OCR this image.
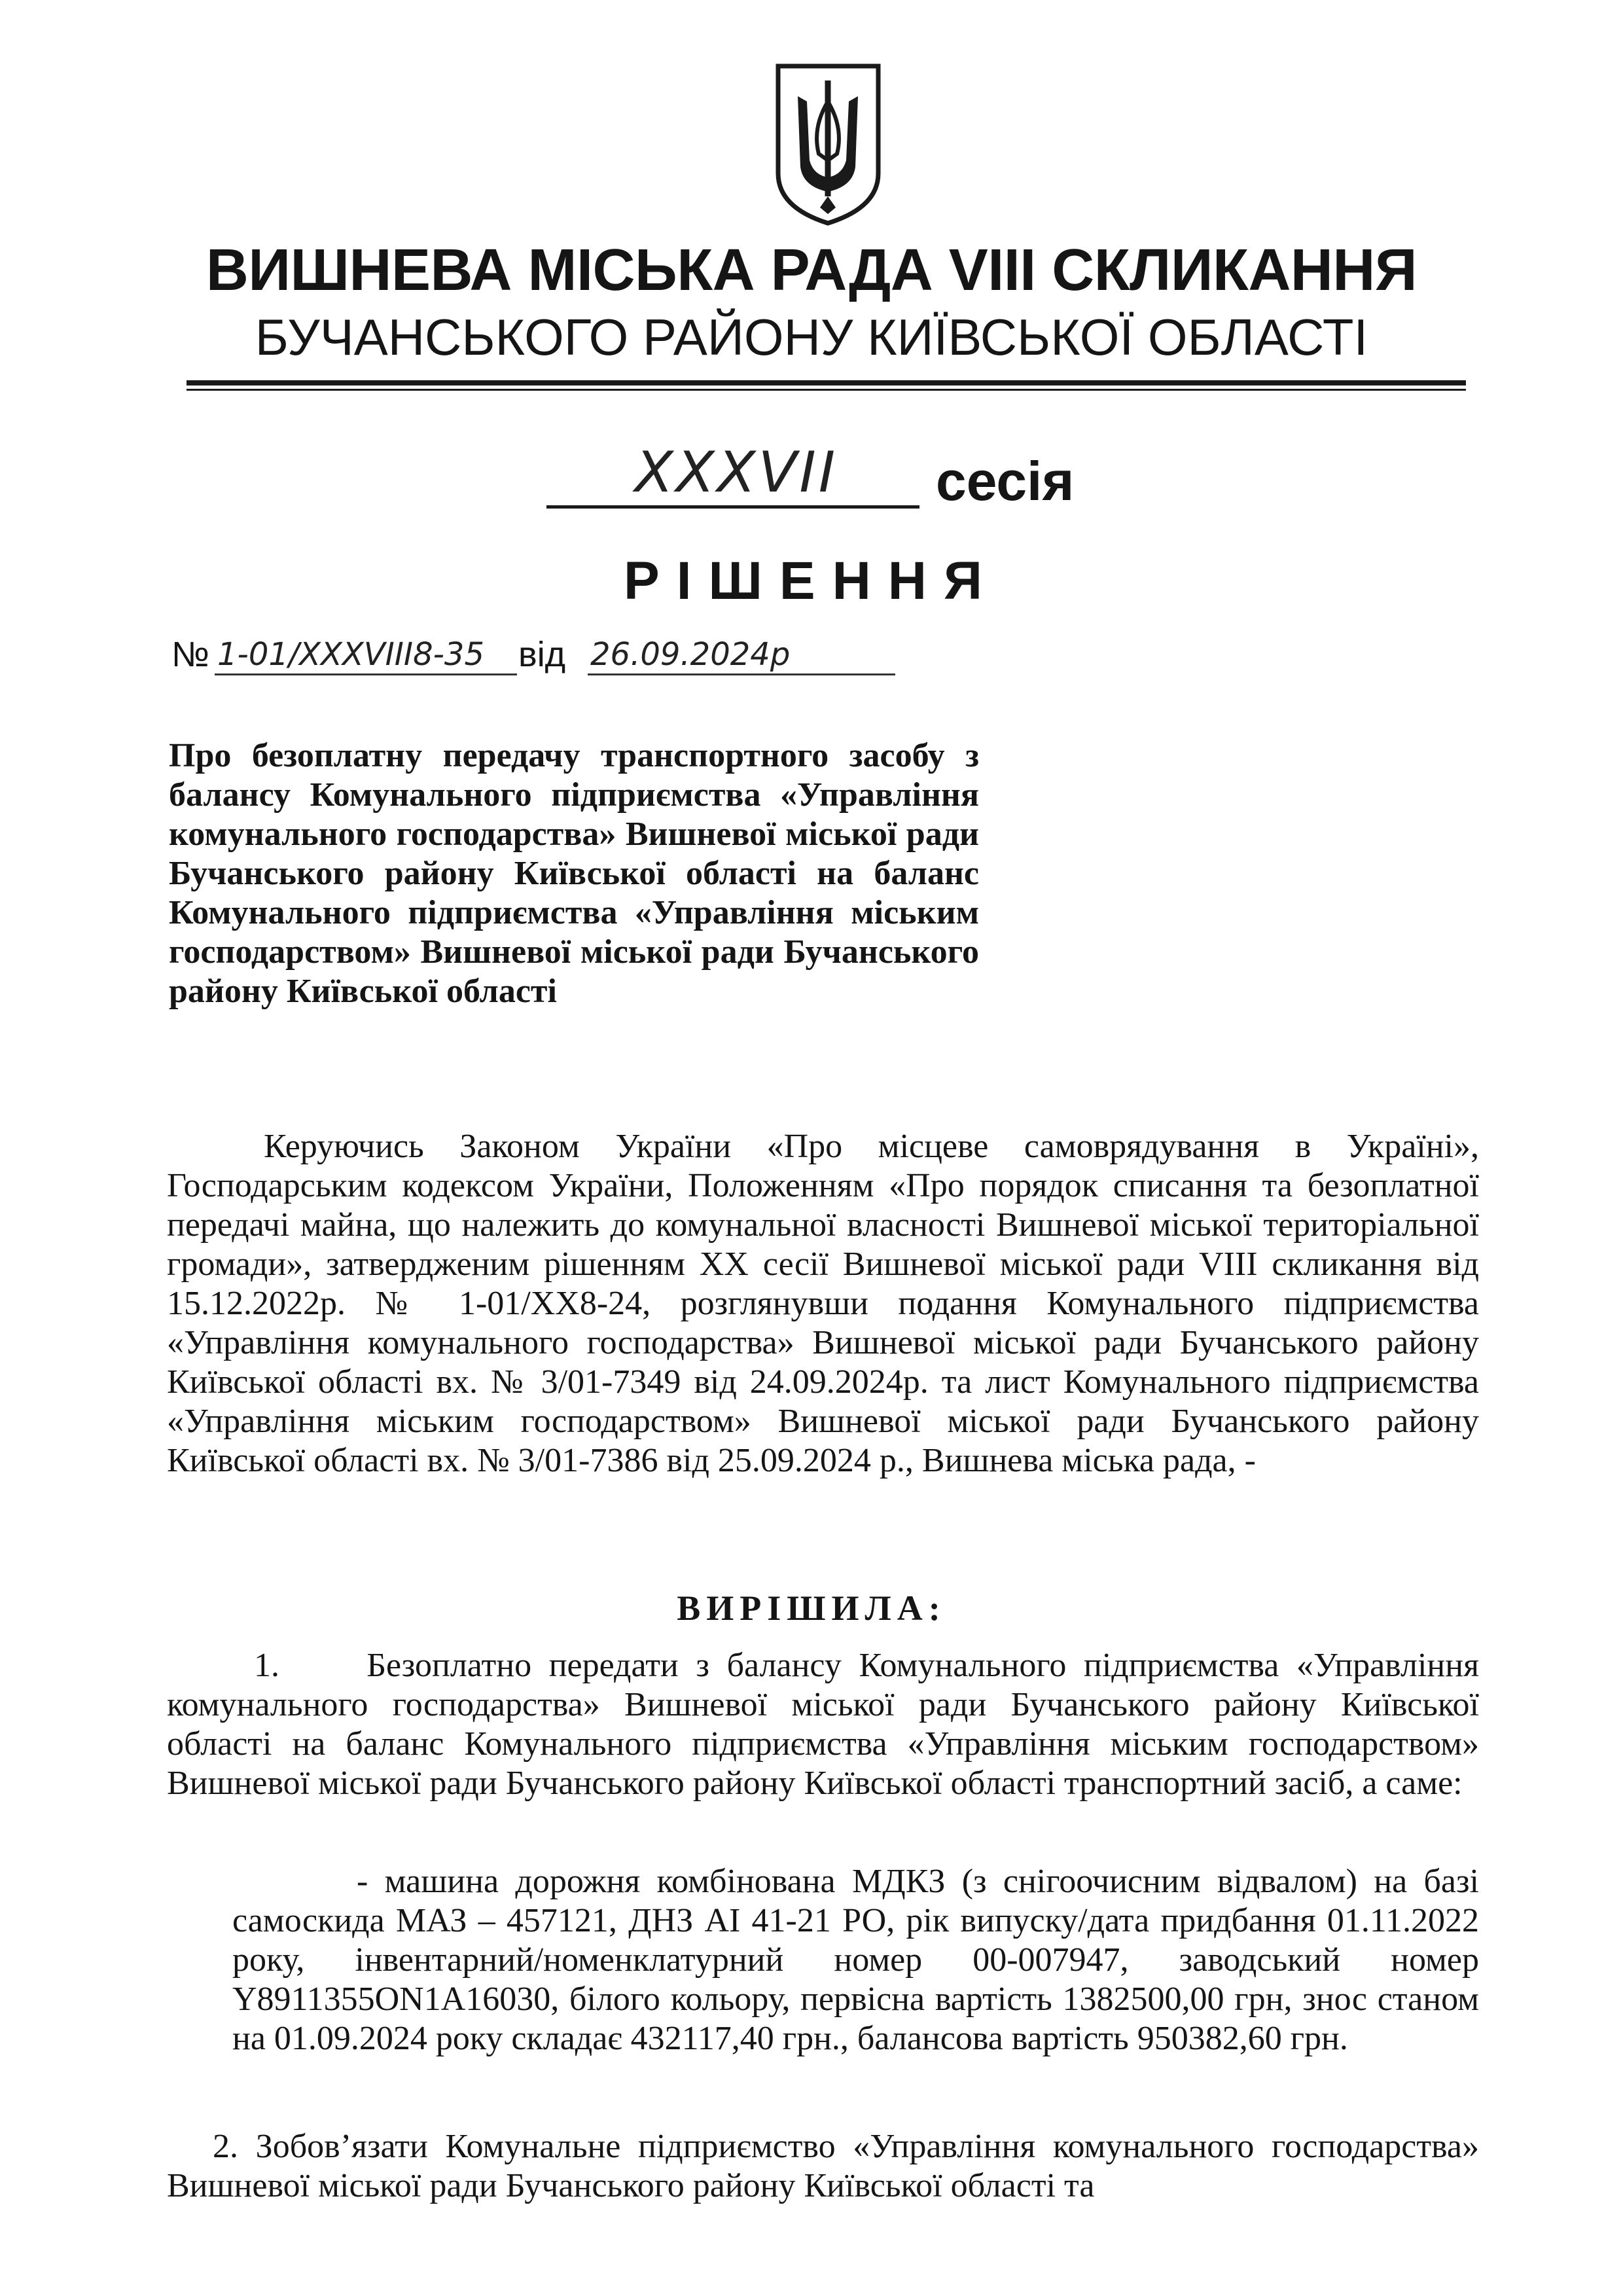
ВИШНЕВА МІСЬКА РАДА VIII СКЛИКАННЯ
БУЧАНСЬКОГО РАЙОНУ КИЇВСЬКОЇ ОБЛАСТІ
XXXVII	сесія
РІШЕННЯ
№ 1-01/XXXVIII8-35 від 26.09.2024р
Про безоплатну передачу транспортного засобу з балансу Комунального підприємства «Управління комунального господарства» Вишневої міської ради Бучанського району Київської області на баланс Комунального підприємства «Управління міським господарством» Вишневої міської ради Бучанського району Київської області
Керуючись Законом України «Про місцеве самоврядування в Україні», Господарським кодексом України, Положенням «Про порядок списання та безоплатної передачі майна, що належить до комунальної власності Вишневої міської територіальної громади», затвердженим рішенням XX сесії Вишневої міської ради VIII скликання від 15.12.2022р. № 1-01/XX8-24, розглянувши подання Комунального підприємства «Управління комунального господарства» Вишневої міської ради Бучанського району Київської області вх. № 3/01-7349 від 24.09.2024р. та лист Комунального підприємства «Управління міським господарством» Вишневої міської ради Бучанського району Київської області вх. № 3/01-7386 від 25.09.2024 р., Вишнева міська рада, -
ВИРІШИЛА:
1.     Безоплатно передати з балансу Комунального підприємства «Управління комунального господарства» Вишневої міської ради Бучанського району Київської області на баланс Комунального підприємства «Управління міським господарством» Вишневої міської ради Бучанського району Київської області транспортний засіб, а саме:
- машина дорожня комбінована МДКЗ (з снігоочисним відвалом) на базі самоскида МАЗ – 457121, ДНЗ АІ 41-21 РО, рік випуску/дата придбання 01.11.2022 року, інвентарний/номенклатурний номер 00-007947, заводський номер Y8911355ON1A16030, білого кольору, первісна вартість 1382500,00 грн, знос станом на 01.09.2024 року складає 432117,40 грн., балансова вартість 950382,60 грн.
2. Зобов’язати Комунальне підприємство «Управління комунального господарства» Вишневої міської ради Бучанського району Київської області та
